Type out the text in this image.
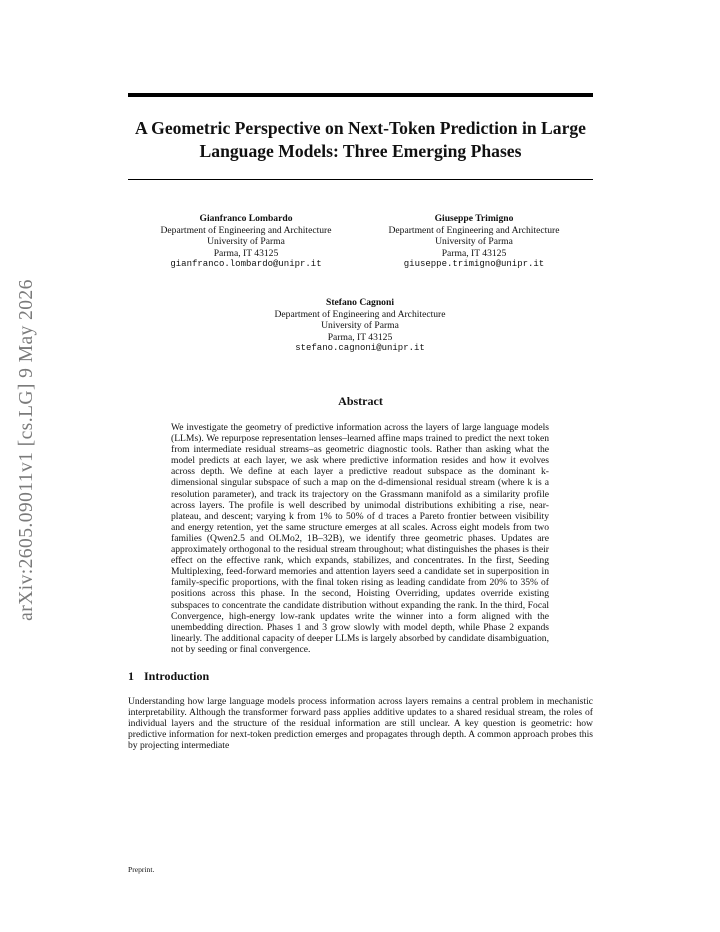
arXiv:2605.09011v1 [cs.LG] 9 May 2026
A Geometric Perspective on Next-Token Prediction in Large Language Models: Three Emerging Phases
Gianfranco Lombardo
Department of Engineering and Architecture
University of Parma
Parma, IT 43125
gianfranco.lombardo@unipr.it
Giuseppe Trimigno
Department of Engineering and Architecture
University of Parma
Parma, IT 43125
giuseppe.trimigno@unipr.it
Stefano Cagnoni
Department of Engineering and Architecture
University of Parma
Parma, IT 43125
stefano.cagnoni@unipr.it
Abstract
We investigate the geometry of predictive information across the layers of large language models (LLMs). We repurpose representation lenses–learned affine maps trained to predict the next token from intermediate residual streams–as geometric diagnostic tools. Rather than asking what the model predicts at each layer, we ask where predictive information resides and how it evolves across depth. We define at each layer a predictive readout subspace as the dominant k-dimensional singular subspace of such a map on the d-dimensional residual stream (where k is a resolution parameter), and track its trajectory on the Grassmann manifold as a similarity profile across layers. The profile is well described by unimodal distributions exhibiting a rise, near-plateau, and descent; varying k from 1% to 50% of d traces a Pareto frontier between visibility and energy retention, yet the same structure emerges at all scales. Across eight models from two families (Qwen2.5 and OLMo2, 1B–32B), we identify three geometric phases. Updates are approximately orthogonal to the residual stream throughout; what distinguishes the phases is their effect on the effective rank, which expands, stabilizes, and concentrates. In the first, Seeding Multiplexing, feed-forward memories and attention layers seed a candidate set in superposition in family-specific proportions, with the final token rising as leading candidate from 20% to 35% of positions across this phase. In the second, Hoisting Overriding, updates override existing subspaces to concentrate the candidate distribution without expanding the rank. In the third, Focal Convergence, high-energy low-rank updates write the winner into a form aligned with the unembedding direction. Phases 1 and 3 grow slowly with model depth, while Phase 2 expands linearly. The additional capacity of deeper LLMs is largely absorbed by candidate disambiguation, not by seeding or final convergence.
1 Introduction
Understanding how large language models process information across layers remains a central problem in mechanistic interpretability. Although the transformer forward pass applies additive updates to a shared residual stream, the roles of individual layers and the structure of the residual information are still unclear. A key question is geometric: how predictive information for next-token prediction emerges and propagates through depth. A common approach probes this by projecting intermediate
Preprint.
